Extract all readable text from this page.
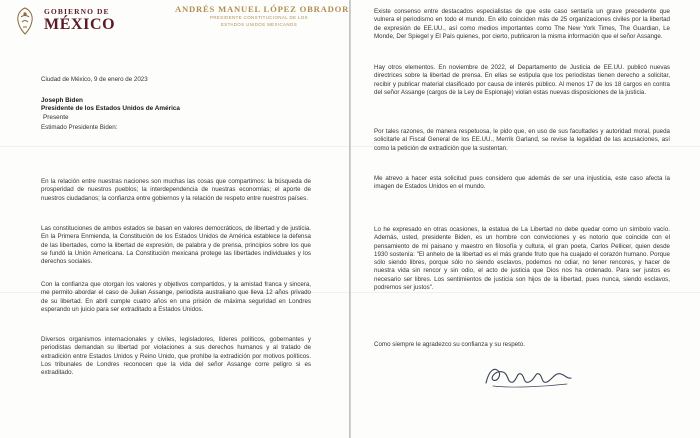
GOBIERNO DE
MÉXICO
ANDRÉS MANUEL LÓPEZ OBRADOR
PRESIDENTE CONSTITUCIONAL DE LOS
ESTADOS UNIDOS MEXICANOS
Ciudad de México, 9 de enero de 2023
Joseph Biden
Presidente de los Estados Unidos de América
Presente
Estimado Presidente Biden:
En la relación entre nuestras naciones son muchas las cosas que compartimos: la búsqueda de prosperidad de nuestros pueblos; la interdependencia de nuestras economías; el aporte de nuestros ciudadanos; la confianza entre gobiernos y la relación de respeto entre nuestros países.
Las constituciones de ambos estados se basan en valores democráticos, de libertad y de justicia. En la Primera Enmienda, la Constitución de los Estados Unidos de América establece la defensa de las libertades, como la libertad de expresión, de palabra y de prensa, principios sobre los que se fundó la Unión Americana. La Constitución mexicana protege las libertades individuales y los derechos sociales.
Con la confianza que otorgan los valores y objetivos compartidos, y la amistad franca y sincera, me permito abordar el caso de Julian Assange, periodista australiano que lleva 12 años privado de su libertad. En abril cumple cuatro años en una prisión de máxima seguridad en Londres esperando un juicio para ser extraditado a Estados Unidos.
Diversos organismos internacionales y civiles, legisladores, líderes políticos, gobernantes y periodistas demandan su libertad por violaciones a sus derechos humanos y al tratado de extradición entre Estados Unidos y Reino Unido, que prohíbe la extradición por motivos políticos. Los tribunales de Londres reconocen que la vida del señor Assange corre peligro si es extraditado.
Existe consenso entre destacados especialistas de que este caso sentaría un grave precedente que vulnera el periodismo en todo el mundo. En ello coinciden más de 25 organizaciones civiles por la libertad de expresión de EE.UU., así como medios importantes como The New York Times, The Guardian, Le Monde, Der Spiegel y El País quienes, por cierto, publicaron la misma información que el señor Assange.
Hay otros elementos. En noviembre de 2022, el Departamento de Justicia de EE.UU. publicó nuevas directrices sobre la libertad de prensa. En ellas se estipula que los periodistas tienen derecho a solicitar, recibir y publicar material clasificado por causa de interés público. Al menos 17 de los 18 cargos en contra del señor Assange (cargos de la Ley de Espionaje) violan estas nuevas disposiciones de la justicia.
Por tales razones, de manera respetuosa, le pido que, en uso de sus facultades y autoridad moral, pueda solicitarle al Fiscal General de los EE.UU., Merrik Garland, se revise la legalidad de las acusaciones, así como la petición de extradición que la sustentan.
Me atrevo a hacer esta solicitud pues considero que además de ser una injusticia, este caso afecta la imagen de Estados Unidos en el mundo.
Lo he expresado en otras ocasiones, la estatua de La Libertad no debe quedar como un símbolo vacío. Además, usted, presidente Biden, es un hombre con convicciones y es notorio que coincide con el pensamiento de mi paisano y maestro en filosofía y cultura, el gran poeta, Carlos Pellicer, quien desde 1930 sostenía: "El anhelo de la libertad es el más grande fruto que ha cuajado el corazón humano. Porque sólo siendo libres, porque sólo no siendo esclavos, podemos no odiar, no tener rencores, y hacer de nuestra vida sin rencor y sin odio, el acto de justicia que Dios nos ha ordenado. Para ser justos es necesario ser libres. Los sentimientos de justicia son hijos de la libertad, pues nunca, siendo esclavos, podremos ser justos".
Como siempre le agradezco su confianza y su respeto.
